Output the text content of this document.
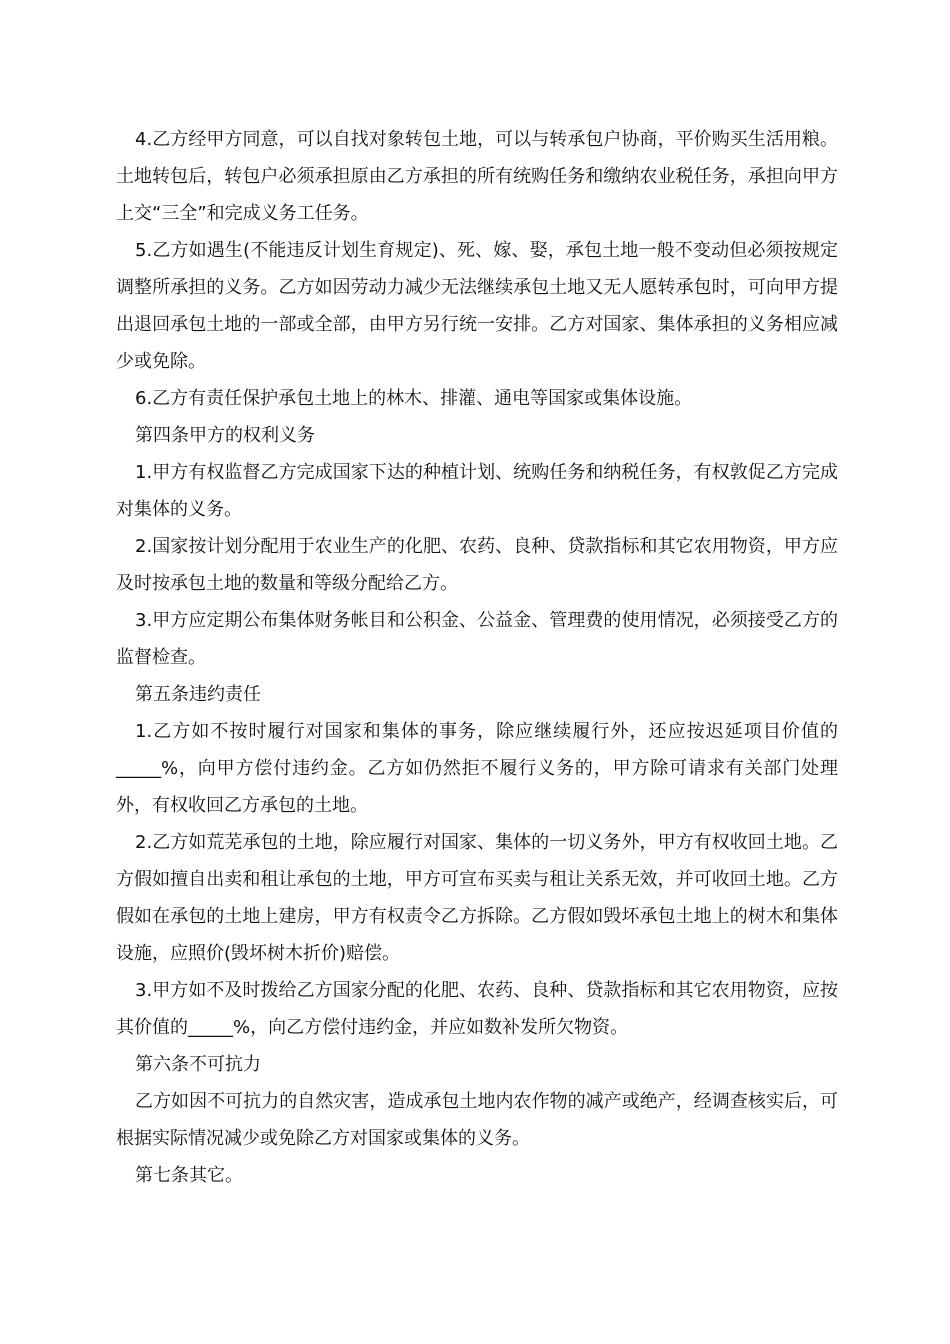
4.乙方经甲方同意，可以自找对象转包土地，可以与转承包户协商，平价购买生活用粮。土地转包后，转包户必须承担原由乙方承担的所有统购任务和缴纳农业税任务，承担向甲方上交“三全”和完成义务工任务。

5.乙方如遇生(不能违反计划生育规定)、死、嫁、娶，承包土地一般不变动但必须按规定调整所承担的义务。乙方如因劳动力减少无法继续承包土地又无人愿转承包时，可向甲方提出退回承包土地的一部或全部，由甲方另行统一安排。乙方对国家、集体承担的义务相应减少或免除。

6.乙方有责任保护承包土地上的林木、排灌、通电等国家或集体设施。

第四条甲方的权利义务

1.甲方有权监督乙方完成国家下达的种植计划、统购任务和纳税任务，有权敦促乙方完成对集体的义务。

2.国家按计划分配用于农业生产的化肥、农药、良种、贷款指标和其它农用物资，甲方应及时按承包土地的数量和等级分配给乙方。

3.甲方应定期公布集体财务帐目和公积金、公益金、管理费的使用情况，必须接受乙方的监督检查。

第五条违约责任

1.乙方如不按时履行对国家和集体的事务，除应继续履行外，还应按迟延项目价值的_____%，向甲方偿付违约金。乙方如仍然拒不履行义务的，甲方除可请求有关部门处理外，有权收回乙方承包的土地。

2.乙方如荒芜承包的土地，除应履行对国家、集体的一切义务外，甲方有权收回土地。乙方假如擅自出卖和租让承包的土地，甲方可宣布买卖与租让关系无效，并可收回土地。乙方假如在承包的土地上建房，甲方有权责令乙方拆除。乙方假如毁坏承包土地上的树木和集体设施，应照价(毁坏树木折价)赔偿。

3.甲方如不及时拨给乙方国家分配的化肥、农药、良种、贷款指标和其它农用物资，应按其价值的_____%，向乙方偿付违约金，并应如数补发所欠物资。

第六条不可抗力

乙方如因不可抗力的自然灾害，造成承包土地内农作物的减产或绝产，经调查核实后，可根据实际情况减少或免除乙方对国家或集体的义务。

第七条其它。
